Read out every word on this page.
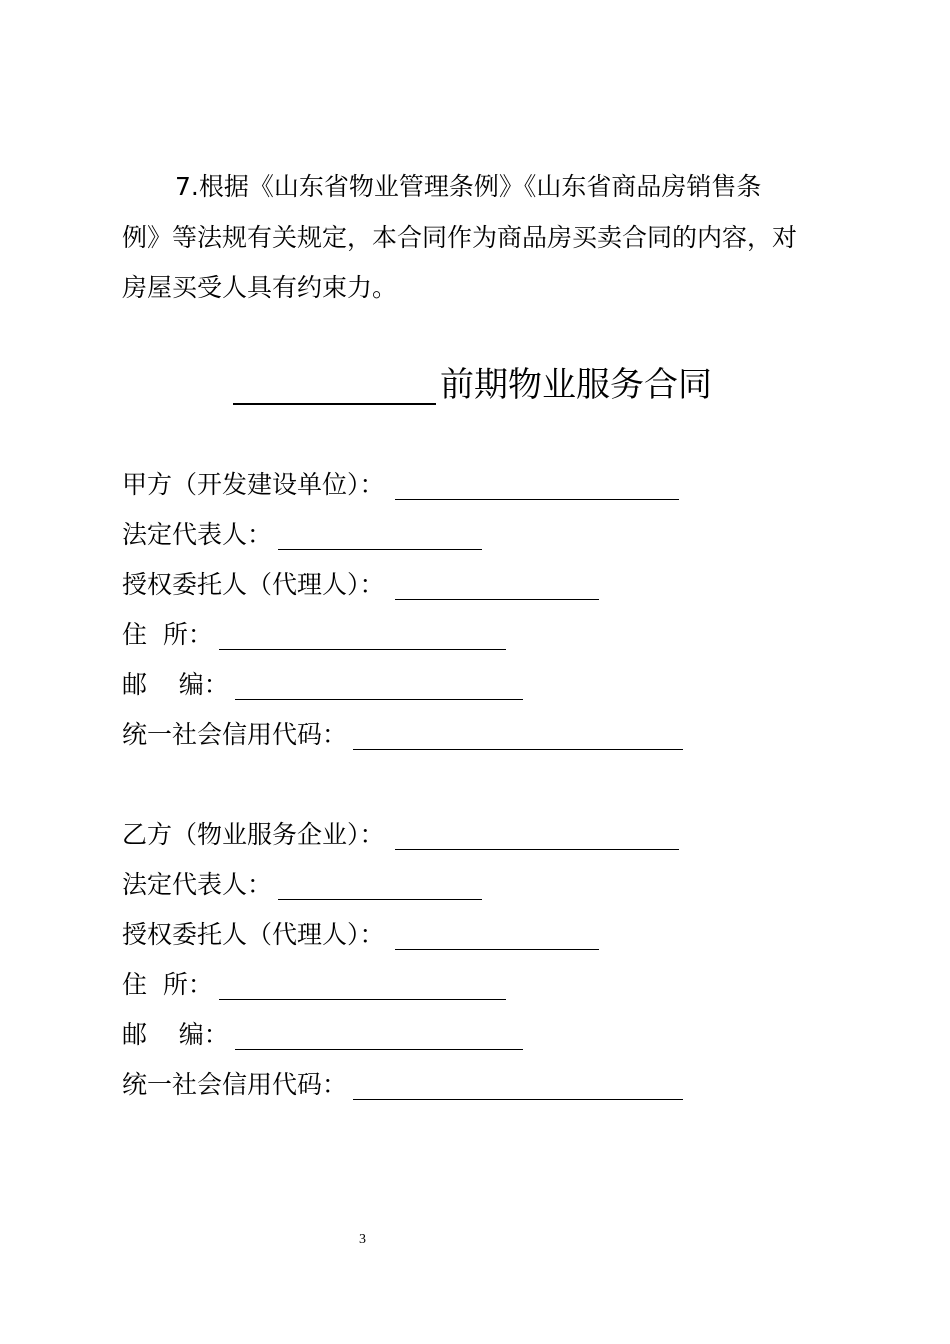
7.根据《山东省物业管理条例》《山东省商品房销售条
例》等法规有关规定，本合同作为商品房买卖合同的内容，对
房屋买受人具有约束力。
前期物业服务合同
甲方（开发建设单位）：
法定代表人：
授权委托人（代理人）：
住  所：
邮    编：
统一社会信用代码：
乙方（物业服务企业）：
法定代表人：
授权委托人（代理人）：
住  所：
邮    编：
统一社会信用代码：
3
